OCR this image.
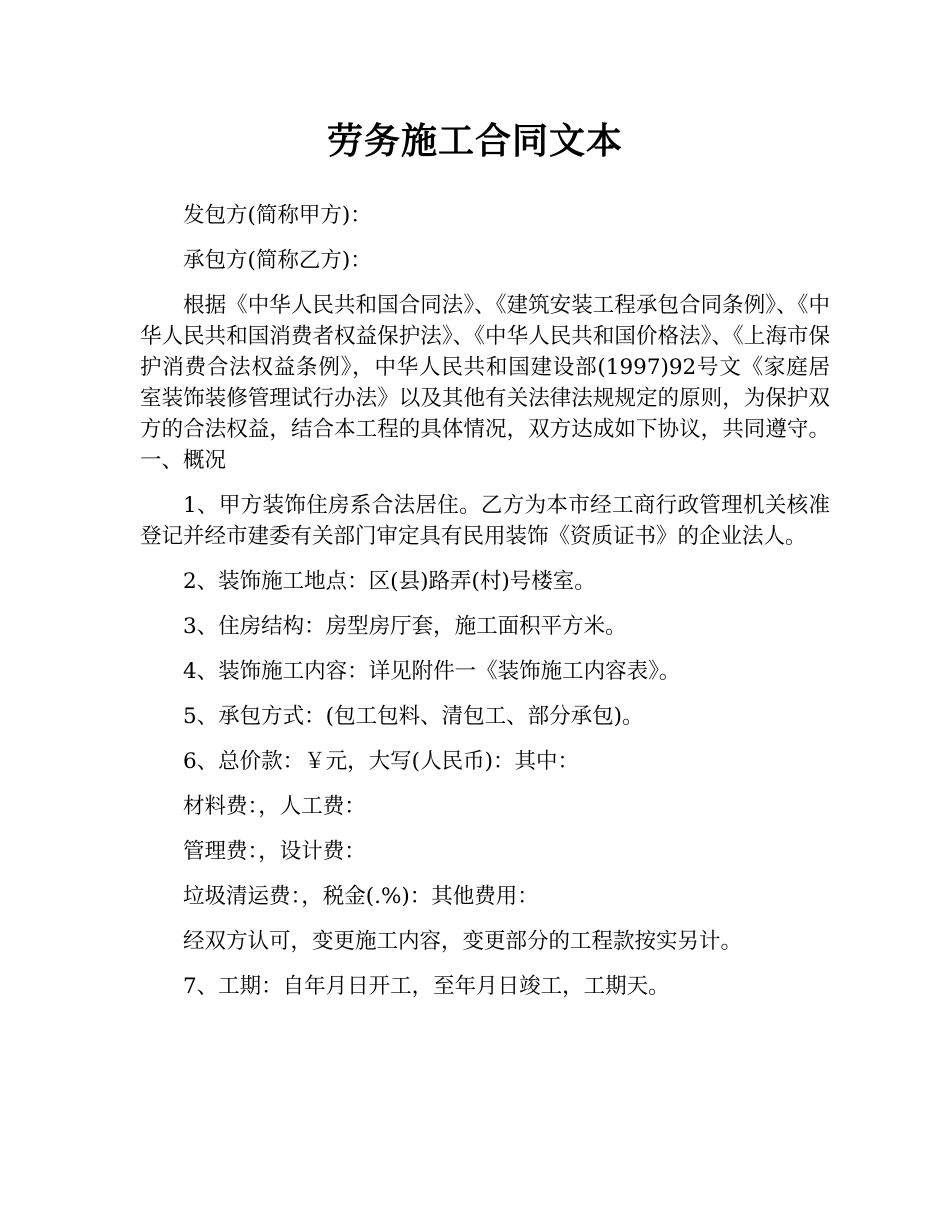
劳务施工合同文本

发包方(简称甲方)：

承包方(简称乙方)：

根据《中华人民共和国合同法》、《建筑安装工程承包合同条例》、《中华人民共和国消费者权益保护法》、《中华人民共和国价格法》、《上海市保护消费合法权益条例》，中华人民共和国建设部(1997)92号文《家庭居室装饰装修管理试行办法》以及其他有关法律法规规定的原则，为保护双方的合法权益，结合本工程的具体情况，双方达成如下协议，共同遵守。一、概况

1、甲方装饰住房系合法居住。乙方为本市经工商行政管理机关核准登记并经市建委有关部门审定具有民用装饰《资质证书》的企业法人。

2、装饰施工地点：区(县)路弄(村)号楼室。

3、住房结构：房型房厅套，施工面积平方米。

4、装饰施工内容：详见附件一《装饰施工内容表》。

5、承包方式：(包工包料、清包工、部分承包)。

6、总价款：￥元，大写(人民币)：其中：

材料费：，人工费：

管理费：，设计费：

垃圾清运费：，税金(.%)：其他费用：

经双方认可，变更施工内容，变更部分的工程款按实另计。

7、工期：自年月日开工，至年月日竣工，工期天。
